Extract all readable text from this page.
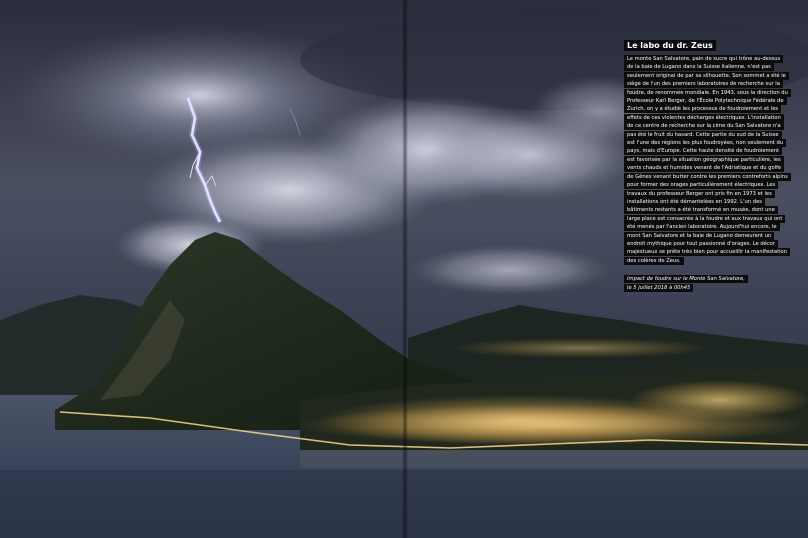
Le labo du dr. Zeus

Le monte San Salvatore, pain de sucre qui trône au-dessus de la baie de Lugano dans la Suisse italienne, n'est pas seulement original de par sa silhouette. Son sommet a été le siège de l'un des premiers laboratoires de recherche sur la foudre, de renommée mondiale. En 1943, sous la direction du Professeur Karl Berger, de l'École Polytechnique Fédérale de Zurich, on y a étudié les processus de foudroiement et les effets de ces violentes décharges électriques. L'installation de ce centre de recherche sur la cime du San Salvatore n'a pas été le fruit du hasard. Cette partie du sud de la Suisse est l'une des régions les plus foudroyées, non seulement du pays, mais d'Europe. Cette haute densité de foudroiement est favorisée par la situation géographique particulière, les vents chauds et humides venant de l'Adriatique et du golfe de Gênes venant butter contre les premiers contreforts alpins pour former des orages particulièrement électriques. Les travaux du professeur Berger ont pris fin en 1973 et les installations ont été démantelées en 1992. L'un des bâtiments restants a été transformé en musée, dont une large place est consacrée à la foudre et aux travaux qui ont été menés par l'ancien laboratoire. Aujourd'hui encore, le mont San Salvatore et la baie de Lugano demeurent un endroit mythique pour tout passionné d'orages. Le décor majestueux se prête très bien pour accueillir la manifestation des colères de Zeus.

Impact de foudre sur le Monte San Salvatore,
le 5 juillet 2018 à 00h45
